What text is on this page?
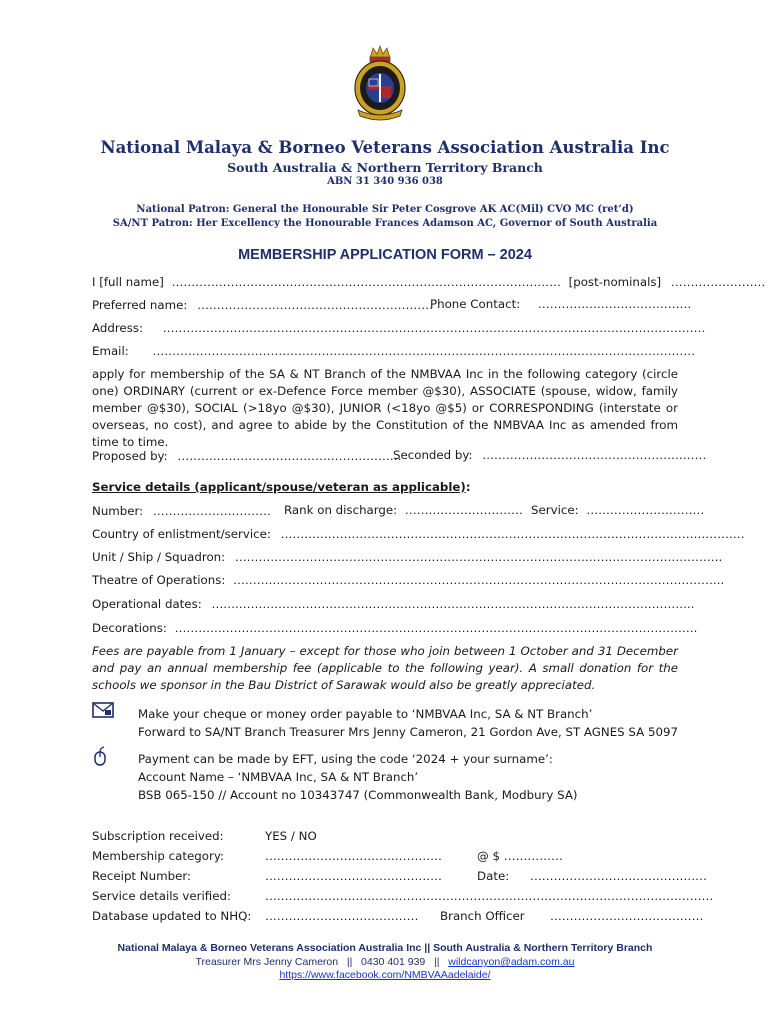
National Malaya & Borneo Veterans Association Australia Inc
South Australia & Northern Territory Branch
ABN 31 340 936 038
National Patron: General the Honourable Sir Peter Cosgrove AK AC(Mil) CVO MC (ret’d)
SA/NT Patron: Her Excellency the Honourable Frances Adamson AC, Governor of South Australia
MEMBERSHIP APPLICATION FORM – 2024
I [full name] ……………………………………………………………………………………… [post-nominals] ……………………
Preferred name: ……………………………………………………
Phone Contact: …………………………………
Address: …………………………………………………………………………………………………………………………
Email: …………………………………………………………………………………………………………………………
apply for membership of the SA & NT Branch of the NMBVAA Inc in the following category (circle one) ORDINARY (current or ex-Defence Force member @$30), ASSOCIATE (spouse, widow, family member @$30), SOCIAL (>18yo @$30), JUNIOR (<18yo @$5) or CORRESPONDING (interstate or overseas, no cost), and agree to abide by the Constitution of the NMBVAA Inc as amended from time to time.
Proposed by: …………………………………………………
Seconded by: …………………………………………………
Service details (applicant/spouse/veteran as applicable):
Number: …………………………	Rank on discharge: ………………………… Service: …………………………
Country of enlistment/service: ……………………………………………………………………………………………………….
Unit / Ship / Squadron: …………………………………………………………………………………………………………….
Theatre of Operations: ……………………………………………………………………………………………………………..
Operational dates: …….……………………………………………………………………………………………………..
Decorations: …………………………………………………………………………………………………………………….
Fees are payable from 1 January – except for those who join between 1 October and 31 December and pay an annual membership fee (applicable to the following year). A small donation for the schools we sponsor in the Bau District of Sarawak would also be greatly appreciated.
Make your cheque or money order payable to ‘NMBVAA Inc, SA & NT Branch’
Forward to SA/NT Branch Treasurer Mrs Jenny Cameron, 21 Gordon Ave, ST AGNES SA 5097
Payment can be made by EFT, using the code ‘2024 + your surname’:
Account Name – ‘NMBVAA Inc, SA & NT Branch’
BSB 065-150 // Account no 10343747 (Commonwealth Bank, Modbury SA)
Subscription received:	YES / NO
Membership category:	………………………………………	@ $ ……………
Receipt Number:	………………………………………	Date: ………………………………………
Service details verified:	……………………………………………………………………………………………………
Database updated to NHQ: ………………………………… Branch Officer …………………………………
National Malaya & Borneo Veterans Association Australia Inc || South Australia & Northern Territory Branch
Treasurer Mrs Jenny Cameron   ||   0430 401 939   ||   wildcanyon@adam.com.au
https://www.facebook.com/NMBVAAadelaide/
